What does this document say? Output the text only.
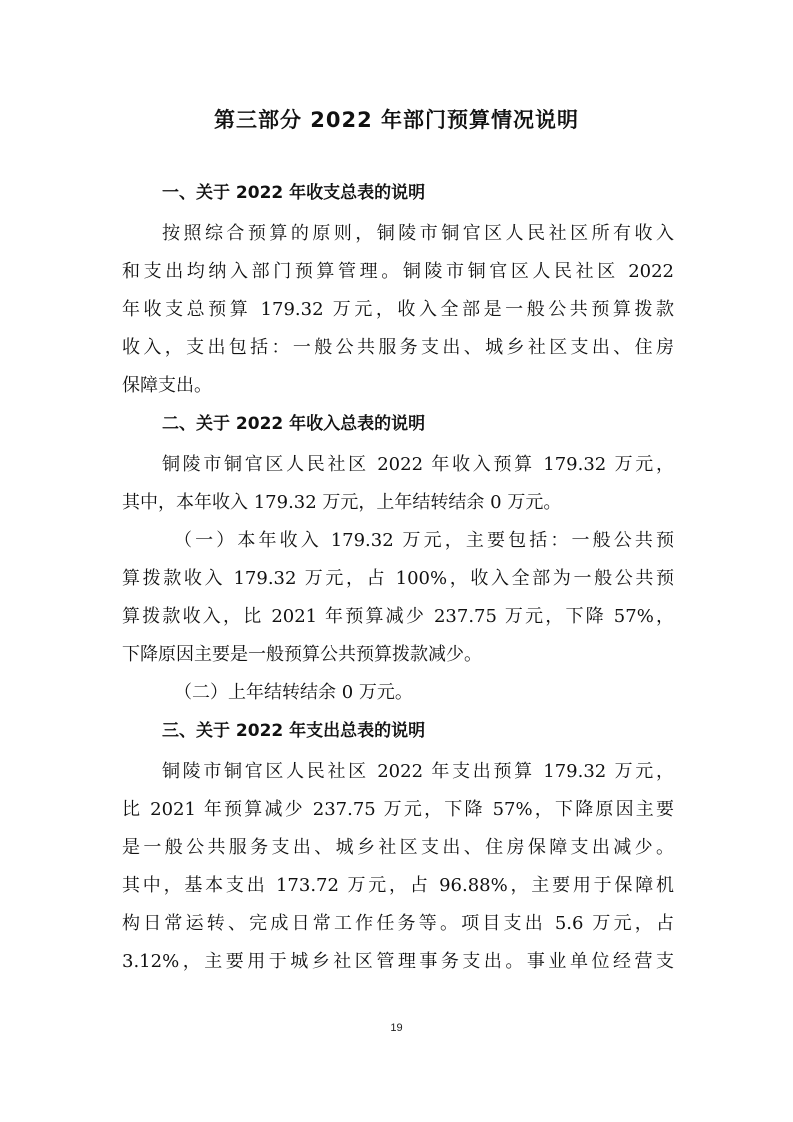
第三部分 2022 年部门预算情况说明
一、关于 2022 年收支总表的说明
按照综合预算的原则，铜陵市铜官区人民社区所有收入
和支出均纳入部门预算管理。铜陵市铜官区人民社区 2022
年收支总预算 179.32 万元，收入全部是一般公共预算拨款
收入，支出包括：一般公共服务支出、城乡社区支出、住房
保障支出。
二、关于 2022 年收入总表的说明
铜陵市铜官区人民社区 2022 年收入预算 179.32 万元，
其中，本年收入 179.32 万元，上年结转结余 0 万元。
（一）本年收入 179.32 万元，主要包括：一般公共预
算拨款收入 179.32 万元，占 100%，收入全部为一般公共预
算拨款收入，比 2021 年预算减少 237.75 万元，下降 57%，
下降原因主要是一般预算公共预算拨款减少。
（二）上年结转结余 0 万元。
三、关于 2022 年支出总表的说明
铜陵市铜官区人民社区 2022 年支出预算 179.32 万元，
比 2021 年预算减少 237.75 万元，下降 57%，下降原因主要
是一般公共服务支出、城乡社区支出、住房保障支出减少。
其中，基本支出 173.72 万元，占 96.88%，主要用于保障机
构日常运转、完成日常工作任务等。项目支出 5.6 万元，占
3.12%，主要用于城乡社区管理事务支出。事业单位经营支
19
